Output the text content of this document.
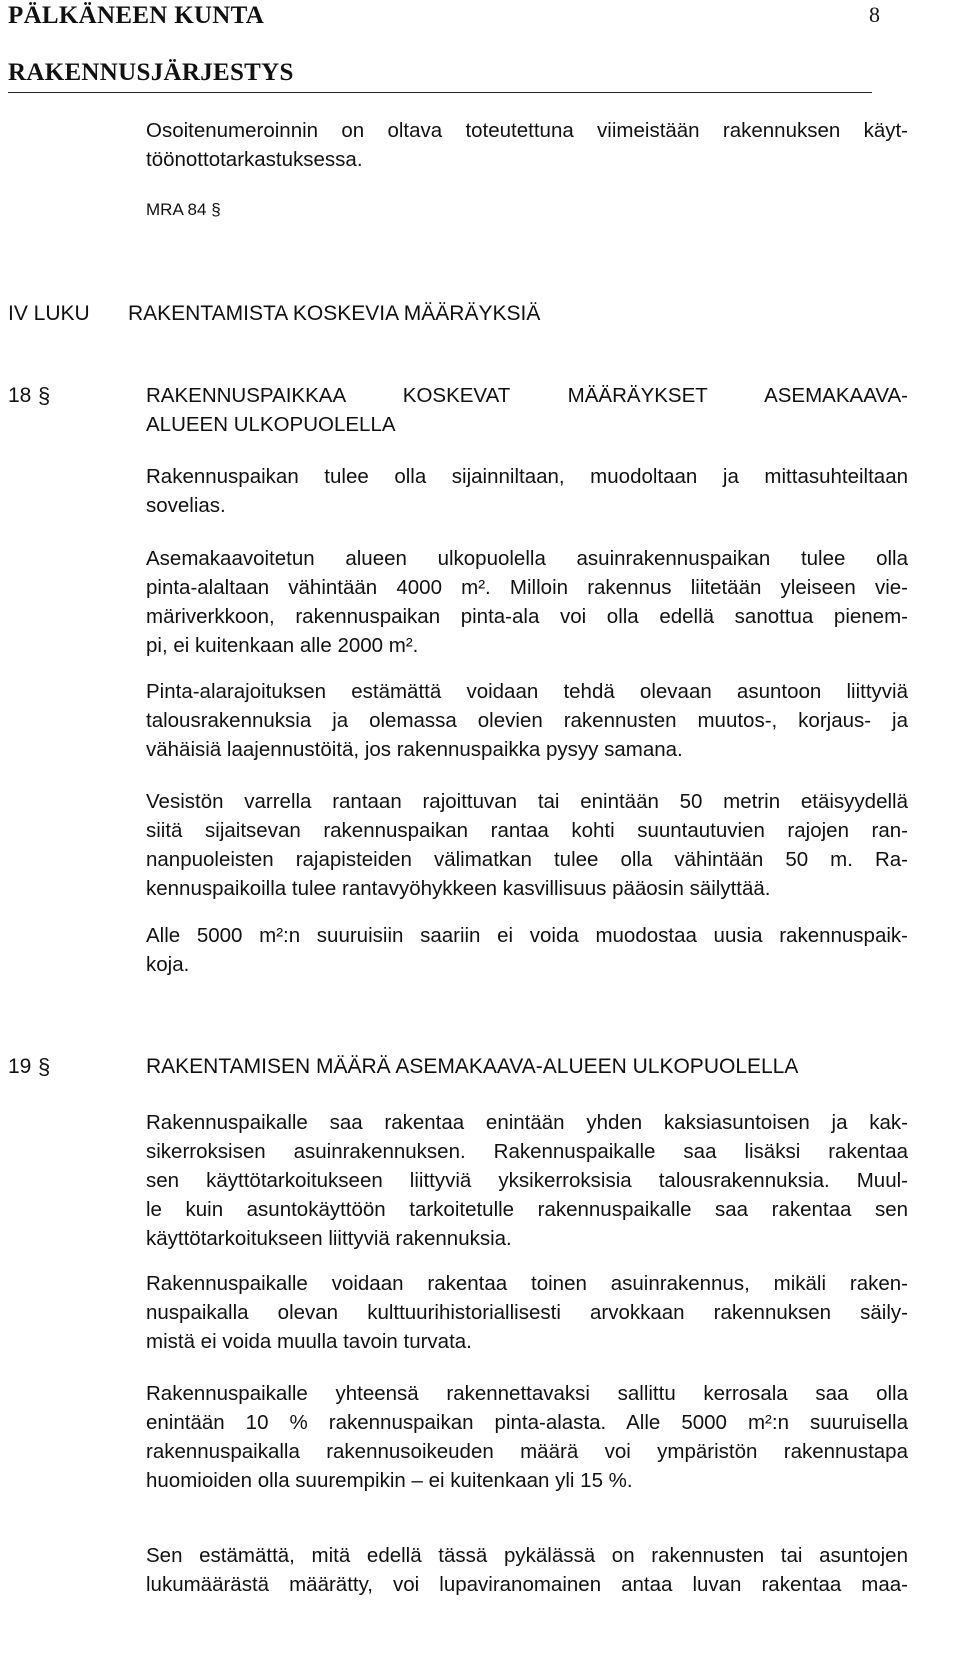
PÄLKÄNEEN KUNTA	8
RAKENNUSJÄRJESTYS
Osoitenumeroinnin on oltava toteutettuna viimeistään rakennuksen käyt-
töönottotarkastuksessa.
MRA 84 §
IV LUKU RAKENTAMISTA KOSKEVIA MÄÄRÄYKSIÄ
18 §	RAKENNUSPAIKKAA KOSKEVAT MÄÄRÄYKSET ASEMAKAAVA-
ALUEEN ULKOPUOLELLA
Rakennuspaikan tulee olla sijainniltaan, muodoltaan ja mittasuhteiltaan
sovelias.
Asemakaavoitetun alueen ulkopuolella asuinrakennuspaikan tulee olla
pinta-alaltaan vähintään 4000 m². Milloin rakennus liitetään yleiseen vie-
märiverkkoon, rakennuspaikan pinta-ala voi olla edellä sanottua pienem-
pi, ei kuitenkaan alle 2000 m².
Pinta-alarajoituksen estämättä voidaan tehdä olevaan asuntoon liittyviä
talousrakennuksia ja olemassa olevien rakennusten muutos-, korjaus- ja
vähäisiä laajennustöitä, jos rakennuspaikka pysyy samana.
Vesistön varrella rantaan rajoittuvan tai enintään 50 metrin etäisyydellä
siitä sijaitsevan rakennuspaikan rantaa kohti suuntautuvien rajojen ran-
nanpuoleisten rajapisteiden välimatkan tulee olla vähintään 50 m. Ra-
kennuspaikoilla tulee rantavyöhykkeen kasvillisuus pääosin säilyttää.
Alle 5000 m²:n suuruisiin saariin ei voida muodostaa uusia rakennuspaik-
koja.
19 §	RAKENTAMISEN MÄÄRÄ ASEMAKAAVA-ALUEEN ULKOPUOLELLA
Rakennuspaikalle saa rakentaa enintään yhden kaksiasuntoisen ja kak-
sikerroksisen asuinrakennuksen. Rakennuspaikalle saa lisäksi rakentaa
sen käyttötarkoitukseen liittyviä yksikerroksisia talousrakennuksia. Muul-
le kuin asuntokäyttöön tarkoitetulle rakennuspaikalle saa rakentaa sen
käyttötarkoitukseen liittyviä rakennuksia.
Rakennuspaikalle voidaan rakentaa toinen asuinrakennus, mikäli raken-
nuspaikalla olevan kulttuurihistoriallisesti arvokkaan rakennuksen säily-
mistä ei voida muulla tavoin turvata.
Rakennuspaikalle yhteensä rakennettavaksi sallittu kerrosala saa olla
enintään 10 % rakennuspaikan pinta-alasta. Alle 5000 m²:n suuruisella
rakennuspaikalla rakennusoikeuden määrä voi ympäristön rakennustapa
huomioiden olla suurempikin – ei kuitenkaan yli 15 %.
Sen estämättä, mitä edellä tässä pykälässä on rakennusten tai asuntojen
lukumäärästä määrätty, voi lupaviranomainen antaa luvan rakentaa maa-
